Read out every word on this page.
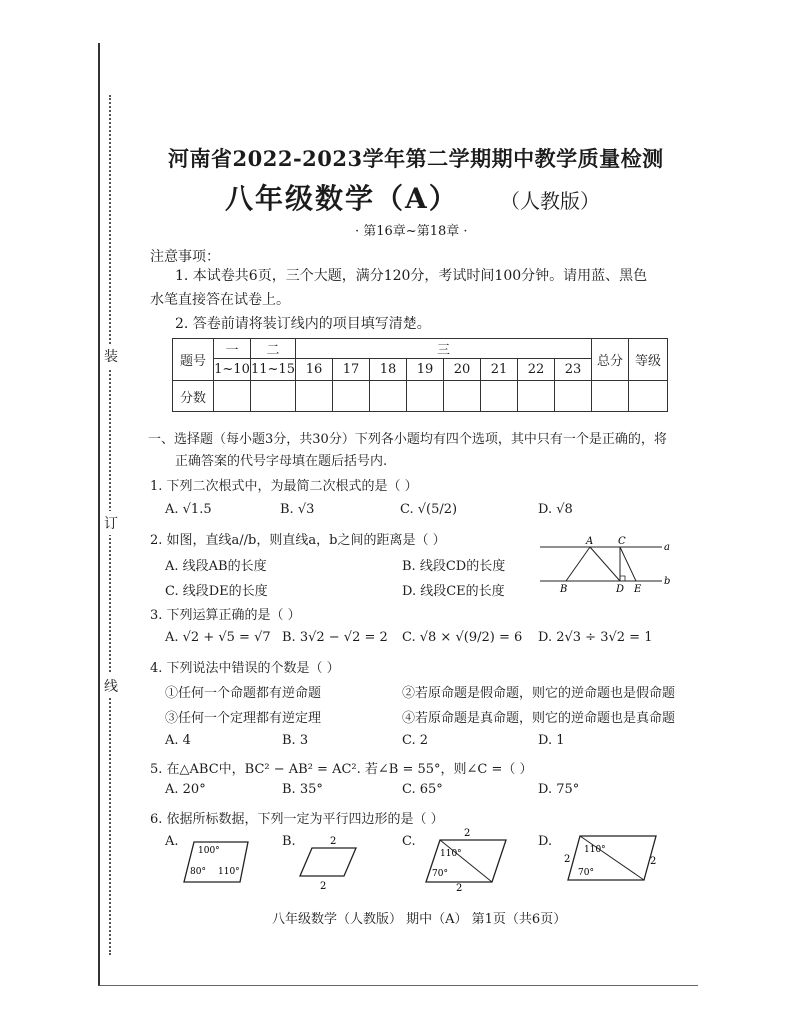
装
订
线
河南省2022-2023学年第二学期期中教学质量检测
八年级数学（A） （人教版）
· 第16章~第18章 ·
注意事项：
1. 本试卷共6页，三个大题，满分120分，考试时间100分钟。请用蓝、黑色
水笔直接答在试卷上。
2. 答卷前请将装订线内的项目填写清楚。
题号	一	二	三								总分	等级
	1~10	11~15	16	17	18	19	20	21	22	23		
分数												
一、选择题（每小题3分，共30分）下列各小题均有四个选项，其中只有一个是正确的，将
正确答案的代号字母填在题后括号内.
1. 下列二次根式中，为最简二次根式的是（ ）
A. √1.5	B. √3	C. √(5/2)	D. √8
2. 如图，直线a//b，则直线a，b之间的距离是（ ）
A. 线段AB的长度	B. 线段CD的长度
C. 线段DE的长度	D. 线段CE的长度
A C
B	D E
a
b
3. 下列运算正确的是（ ）
A. √2 + √5 = √7 B. 3√2 − √2 = 2 C. √8 × √(9/2) = 6 D. 2√3 ÷ 3√2 = 1
4. 下列说法中错误的个数是（ ）
①任何一个命题都有逆命题	②若原命题是假命题，则它的逆命题也是假命题
③任何一个定理都有逆定理	④若原命题是真命题，则它的逆命题也是真命题
A. 4	B. 3	C. 2	D. 1
5. 在△ABC中，BC² − AB² = AC². 若∠B = 55°，则∠C =（ ）
A. 20°	B. 35°	C. 65°	D. 75°
6. 依据所标数据，下列一定为平行四边形的是（ ）
A.	B.	C.	D.
100°
80° 110°
2
2
2
110°
70°
2
2
110°
70°
2
八年级数学（人教版） 期中（A） 第1页（共6页）
